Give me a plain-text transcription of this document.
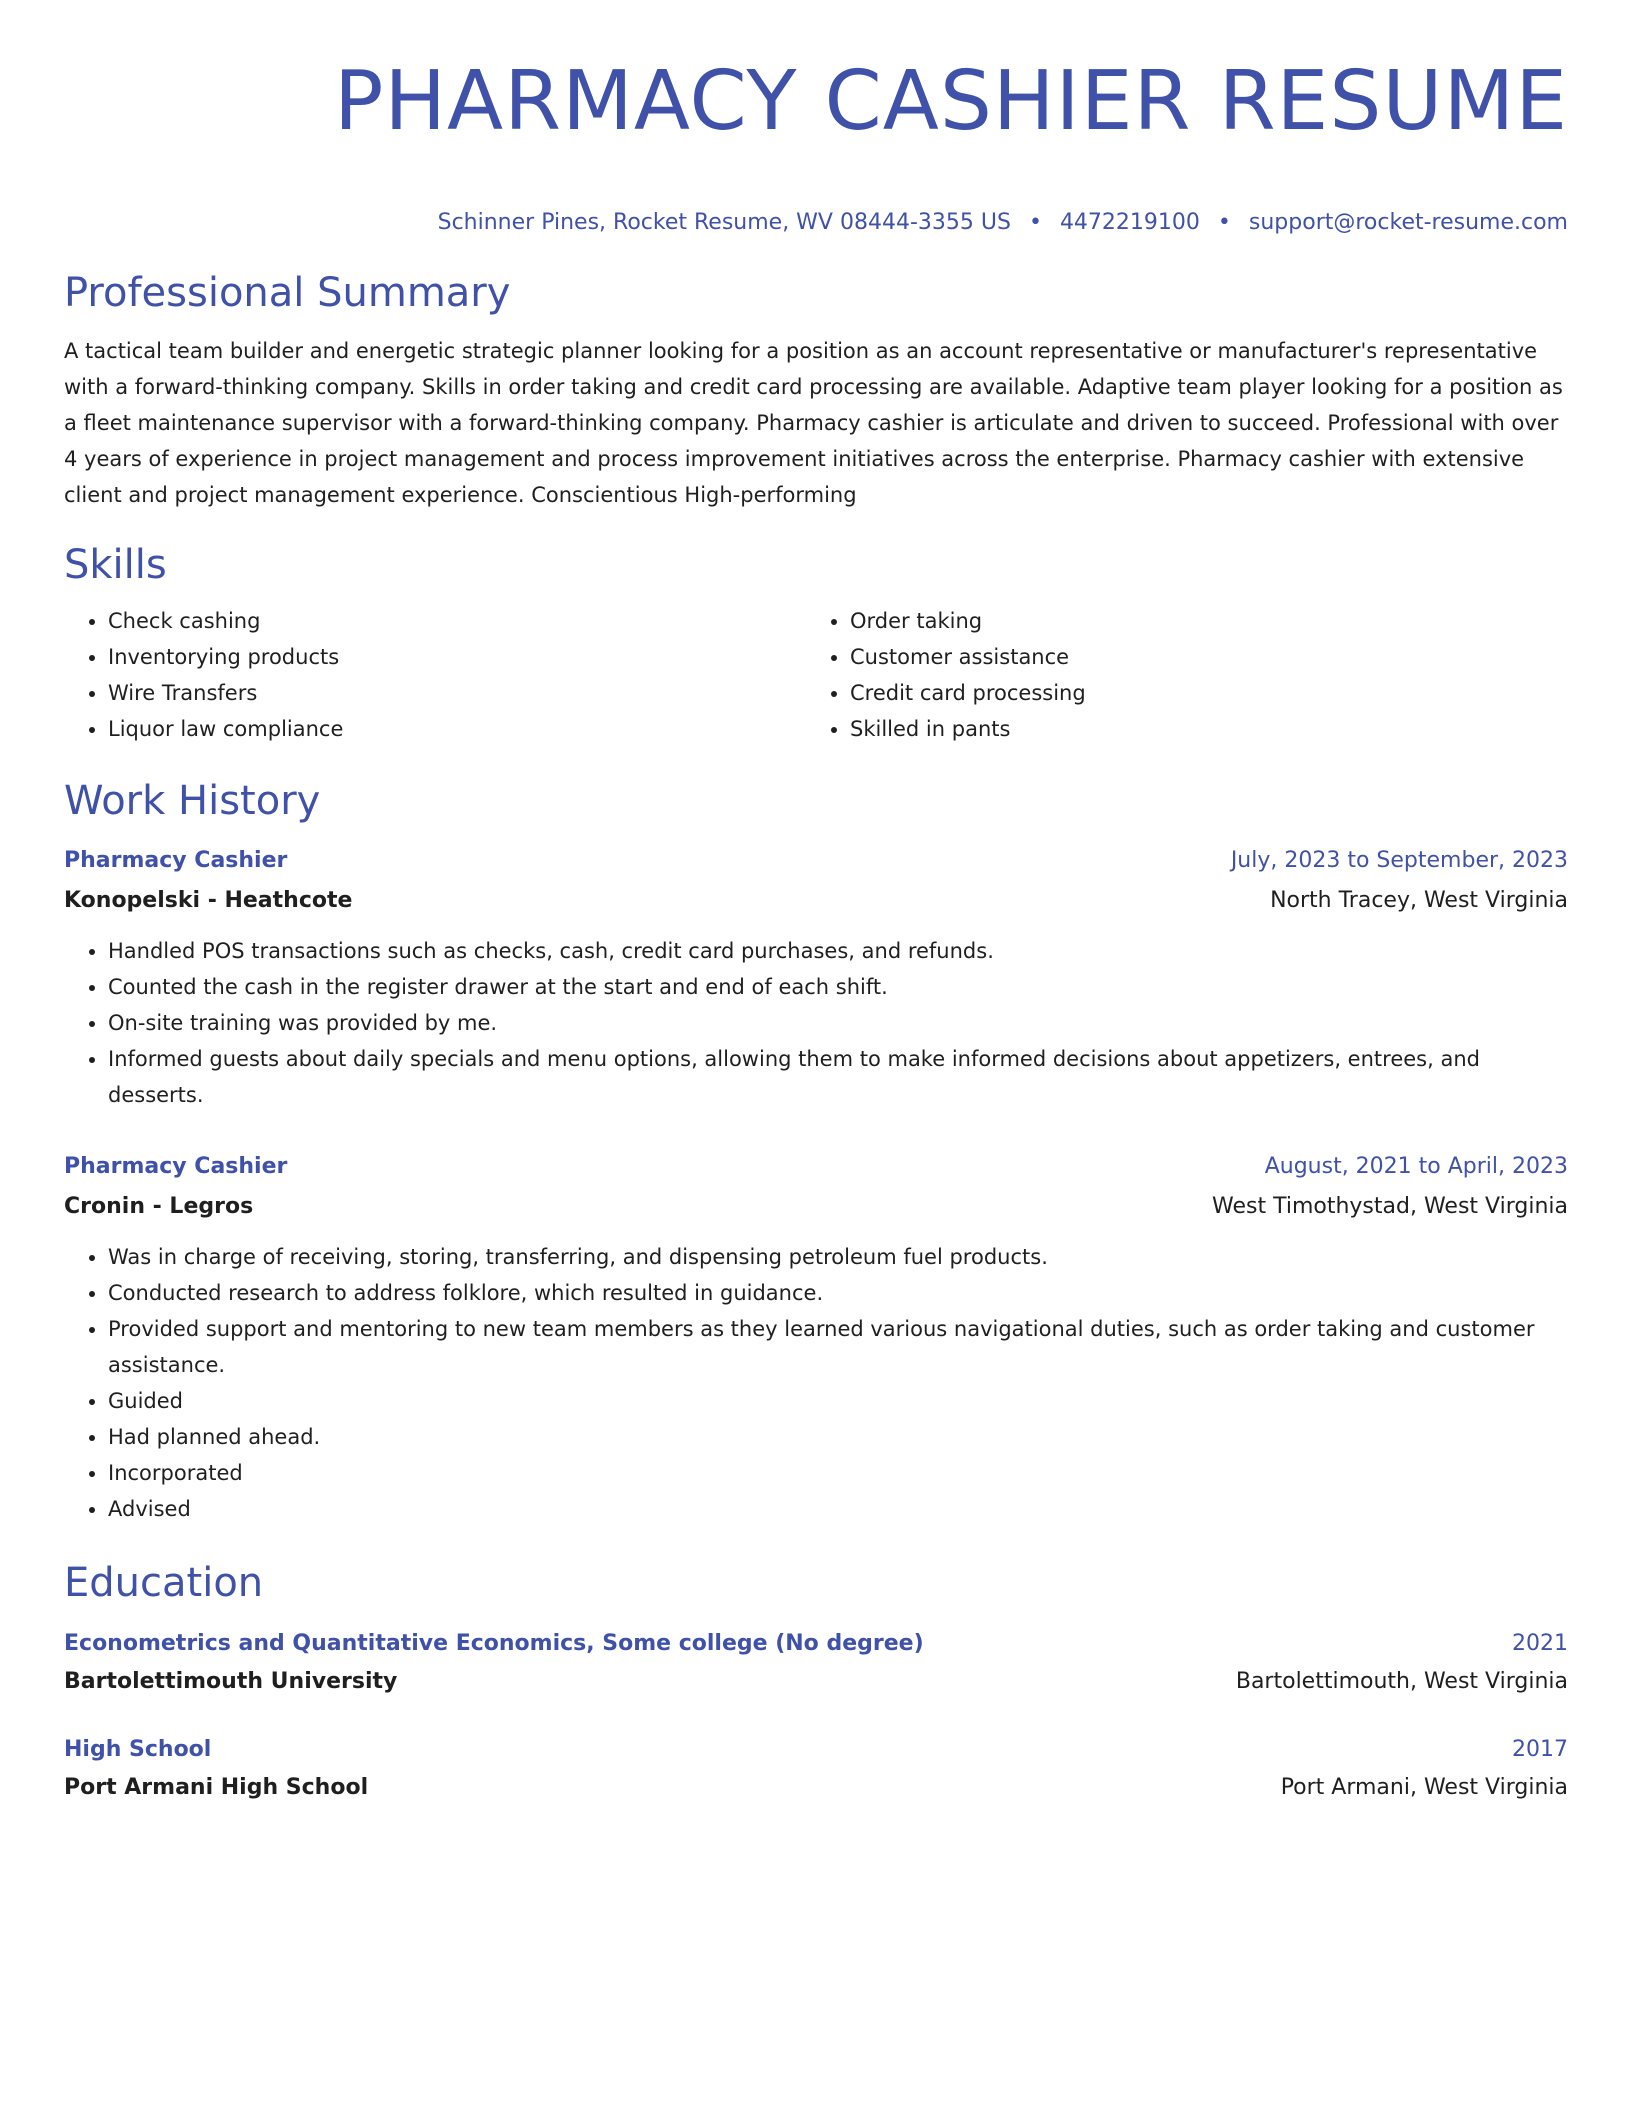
PHARMACY CASHIER RESUME
Schinner Pines, Rocket Resume, WV 08444-3355 US • 4472219100 • support@rocket-resume.com
Professional Summary

A tactical team builder and energetic strategic planner looking for a position as an account representative or manufacturer's representative with a forward-thinking company. Skills in order taking and credit card processing are available. Adaptive team player looking for a position as a fleet maintenance supervisor with a forward-thinking company. Pharmacy cashier is articulate and driven to succeed. Professional with over 4 years of experience in project management and process improvement initiatives across the enterprise. Pharmacy cashier with extensive client and project management experience. Conscientious High-performing

Skills
• Check cashing
• Inventorying products
• Wire Transfers
• Liquor law compliance
• Order taking
• Customer assistance
• Credit card processing
• Skilled in pants
Work History
Pharmacy Cashier	July, 2023 to September, 2023
Konopelski - Heathcote	North Tracey, West Virginia
• Handled POS transactions such as checks, cash, credit card purchases, and refunds.
• Counted the cash in the register drawer at the start and end of each shift.
• On-site training was provided by me.
• Informed guests about daily specials and menu options, allowing them to make informed decisions about appetizers, entrees, and desserts.
Pharmacy Cashier	August, 2021 to April, 2023
Cronin - Legros	West Timothystad, West Virginia
• Was in charge of receiving, storing, transferring, and dispensing petroleum fuel products.
• Conducted research to address folklore, which resulted in guidance.
• Provided support and mentoring to new team members as they learned various navigational duties, such as order taking and customer assistance.
• Guided
• Had planned ahead.
• Incorporated
• Advised
Education
Econometrics and Quantitative Economics, Some college (No degree)	2021
Bartolettimouth University	Bartolettimouth, West Virginia
High School	2017
Port Armani High School	Port Armani, West Virginia
